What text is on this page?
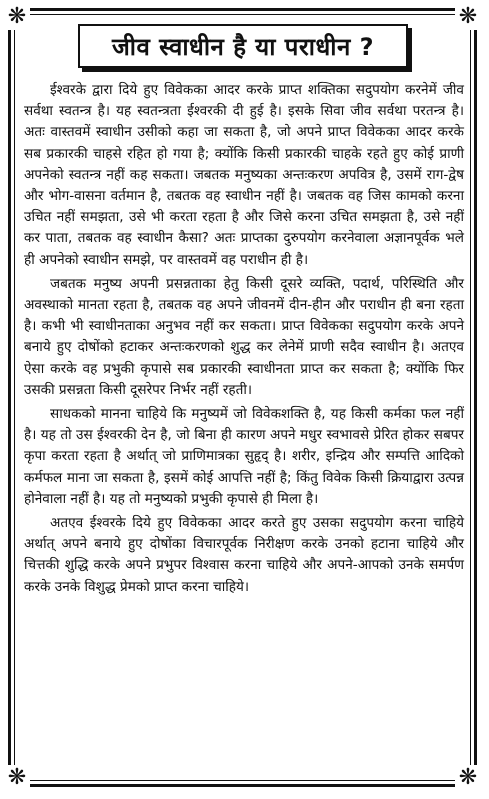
❋	❋
❋	❋
जीव स्वाधीन है या पराधीन ?

ईश्वरके द्वारा दिये हुए विवेकका आदर करके प्राप्त शक्तिका सदुपयोग करनेमें जीव सर्वथा स्वतन्त्र है। यह स्वतन्त्रता ईश्वरकी दी हुई है। इसके सिवा जीव सर्वथा परतन्त्र है। अतः वास्तवमें स्वाधीन उसीको कहा जा सकता है, जो अपने प्राप्त विवेकका आदर करके सब प्रकारकी चाहसे रहित हो गया है; क्योंकि किसी प्रकारकी चाहके रहते हुए कोई प्राणी अपनेको स्वतन्त्र नहीं कह सकता। जबतक मनुष्यका अन्तःकरण अपवित्र है, उसमें राग-द्वेष और भोग-वासना वर्तमान है, तबतक वह स्वाधीन नहीं है। जबतक वह जिस कामको करना उचित नहीं समझता, उसे भी करता रहता है और जिसे करना उचित समझता है, उसे नहीं कर पाता, तबतक वह स्वाधीन कैसा? अतः प्राप्तका दुरुपयोग करनेवाला अज्ञानपूर्वक भले ही अपनेको स्वाधीन समझे, पर वास्तवमें वह पराधीन ही है।

जबतक मनुष्य अपनी प्रसन्नताका हेतु किसी दूसरे व्यक्ति, पदार्थ, परिस्थिति और अवस्थाको मानता रहता है, तबतक वह अपने जीवनमें दीन-हीन और पराधीन ही बना रहता है। कभी भी स्वाधीनताका अनुभव नहीं कर सकता। प्राप्त विवेकका सदुपयोग करके अपने बनाये हुए दोषोंको हटाकर अन्तःकरणको शुद्ध कर लेनेमें प्राणी सदैव स्वाधीन है। अतएव ऐसा करके वह प्रभुकी कृपासे सब प्रकारकी स्वाधीनता प्राप्त कर सकता है; क्योंकि फिर उसकी प्रसन्नता किसी दूसरेपर निर्भर नहीं रहती।

साधकको मानना चाहिये कि मनुष्यमें जो विवेकशक्ति है, यह किसी कर्मका फल नहीं है। यह तो उस ईश्वरकी देन है, जो बिना ही कारण अपने मधुर स्वभावसे प्रेरित होकर सबपर कृपा करता रहता है अर्थात् जो प्राणिमात्रका सुहृद् है। शरीर, इन्द्रिय और सम्पत्ति आदिको कर्मफल माना जा सकता है, इसमें कोई आपत्ति नहीं है; किंतु विवेक किसी क्रियाद्वारा उत्पन्न होनेवाला नहीं है। यह तो मनुष्यको प्रभुकी कृपासे ही मिला है।

अतएव ईश्वरके दिये हुए विवेकका आदर करते हुए उसका सदुपयोग करना चाहिये अर्थात् अपने बनाये हुए दोषोंका विचारपूर्वक निरीक्षण करके उनको हटाना चाहिये और चित्तकी शुद्धि करके अपने प्रभुपर विश्वास करना चाहिये और अपने-आपको उनके समर्पण करके उनके विशुद्ध प्रेमको प्राप्त करना चाहिये।
